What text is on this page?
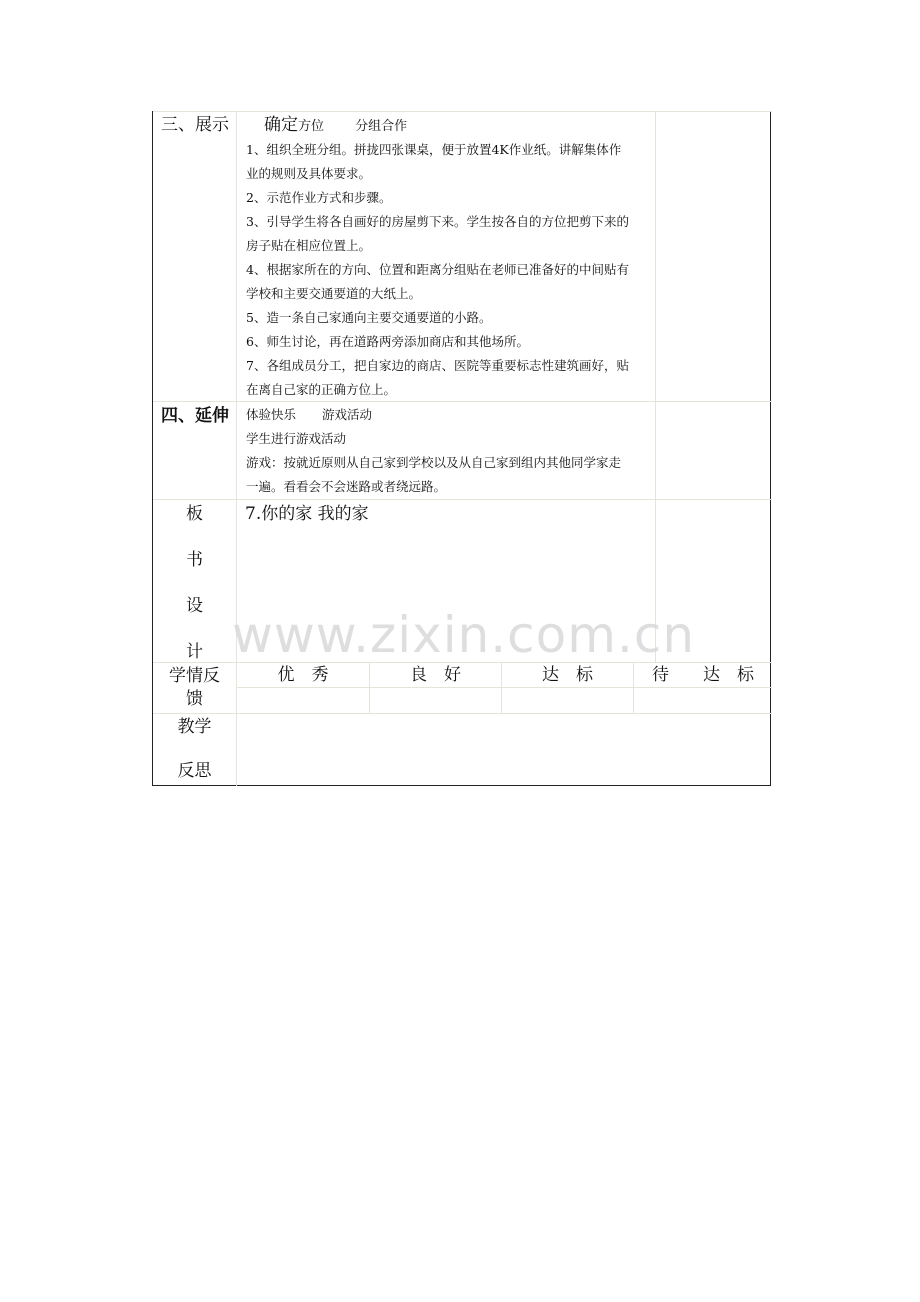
三、展示	确定方位 分组合作
1、组织全班分组。拼拢四张课桌，便于放置4K作业纸。讲解集体作
业的规则及具体要求。
2、示范作业方式和步骤。
3、引导学生将各自画好的房屋剪下来。学生按各自的方位把剪下来的
房子贴在相应位置上。
4、根据家所在的方向、位置和距离分组贴在老师已准备好的中间贴有
学校和主要交通要道的大纸上。
5、造一条自己家通向主要交通要道的小路。
6、师生讨论，再在道路两旁添加商店和其他场所。
7、各组成员分工，把自家边的商店、医院等重要标志性建筑画好，贴
在离自己家的正确方位上。
四、延伸 体验快乐 游戏活动
学生进行游戏活动
游戏：按就近原则从自己家到学校以及从自己家到组内其他同学家走
一遍。看看会不会迷路或者绕远路。
板
书
设
计
7.你的家 我的家
学情反
馈
优　秀	良　好	达　标	待　　达　标
教学
反思
www.zixin.com.cn
